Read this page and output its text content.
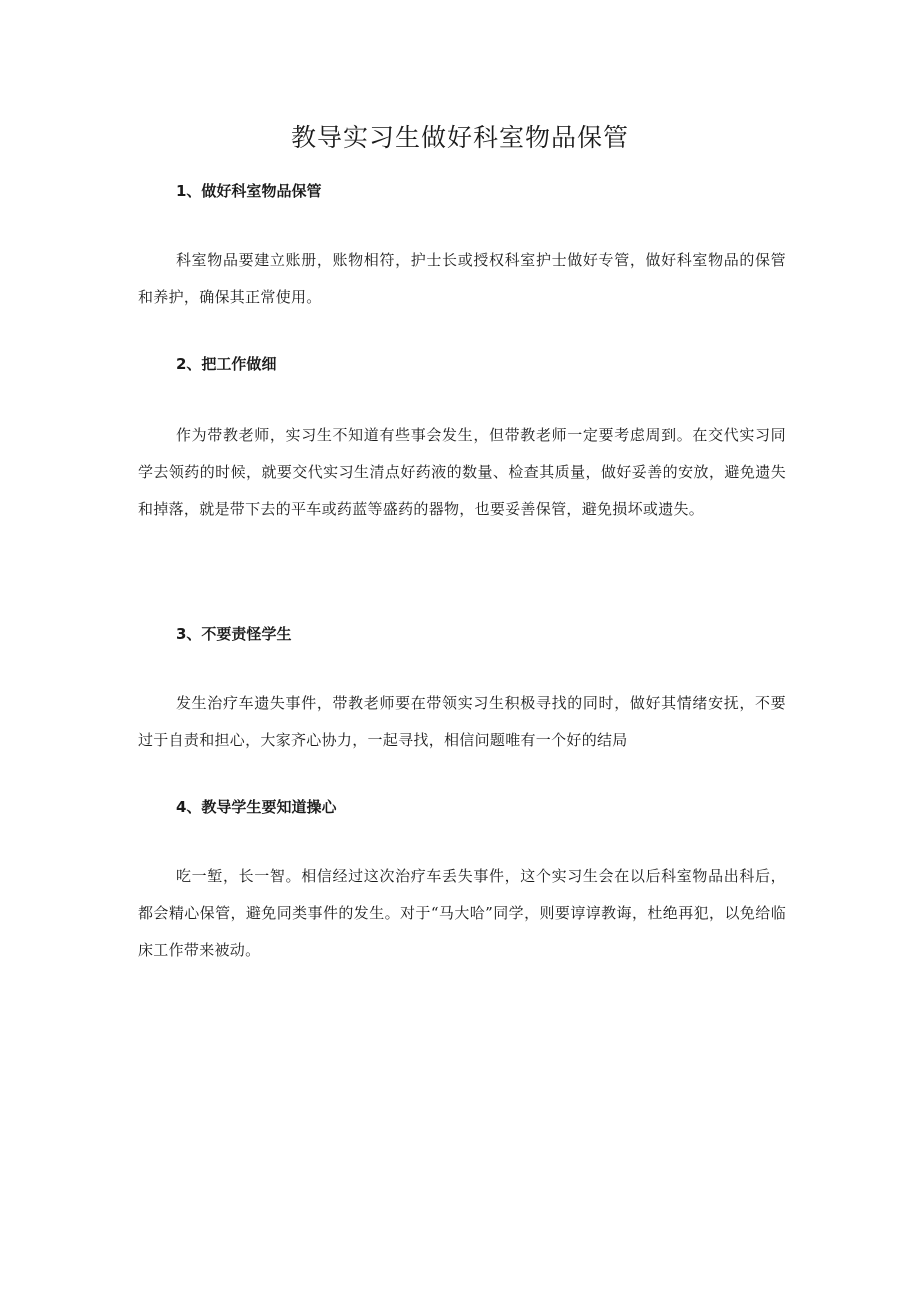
教导实习生做好科室物品保管
1、做好科室物品保管

科室物品要建立账册，账物相符，护士长或授权科室护士做好专管，做好科室物品的保管和养护，确保其正常使用。

2、把工作做细

作为带教老师，实习生不知道有些事会发生，但带教老师一定要考虑周到。在交代实习同学去领药的时候，就要交代实习生清点好药液的数量、检查其质量，做好妥善的安放，避免遗失和掉落，就是带下去的平车或药蓝等盛药的器物，也要妥善保管，避免损坏或遗失。

3、不要责怪学生

发生治疗车遗失事件，带教老师要在带领实习生积极寻找的同时，做好其情绪安抚，不要过于自责和担心，大家齐心协力，一起寻找，相信问题唯有一个好的结局

4、教导学生要知道操心

吃一堑，长一智。相信经过这次治疗车丢失事件，这个实习生会在以后科室物品出科后，都会精心保管，避免同类事件的发生。对于“马大哈”同学，则要谆谆教诲，杜绝再犯，以免给临床工作带来被动。
